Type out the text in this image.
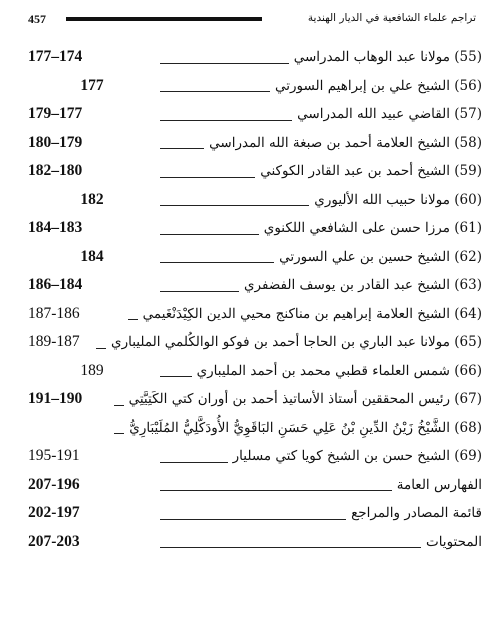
457	تراجم علماء الشافعية في الديار الهندية
177–174	(55) مولانا عبد الوهاب المدراسي
177	(56) الشيخ علي بن إبراهيم السورتي
179–177	(57) القاضي عبيد الله المدراسي
180–179	(58) الشيخ العلامة أحمد بن صبغة الله المدراسي
182–180	(59) الشيخ أحمد بن عبد القادر الكوكني
182	(60) مولانا حبيب الله الأليوري
184–183	(61) مرزا حسن على الشافعي اللكنوي
184	(62) الشيخ حسين بن علي السورتي
186–184	(63) الشيخ عبد القادر بن يوسف الفضفري
187-186	(64) الشيخ العلامة إبراهيم بن مناكنج محيي الدين الكِيْدَنْغَيمي
189-187	(65) مولانا عبد الباري بن الحاجا أحمد بن فوكو الوالكُلمي المليباري
189	(66) شمس العلماء قطبي محمد بن أحمد المليباري
191–190	(67) رئيس المحققين أستاذ الأساتيذ أحمد بن أوران كتي الكَتِيَّتِي
(68) الشَّيْخُ زَيْنُ الدِّينِ بْنُ عَلِي حَسَنِ البَاقَوِيُّ الأُودَكَّلِيُّ المُلَيْبَارِيُّ
195-191	(69) الشيخ حسن بن الشيخ كويا كتي مسليار
207-196	الفهارس العامة
202-197	قائمة المصادر والمراجع
207-203	المحتويات
